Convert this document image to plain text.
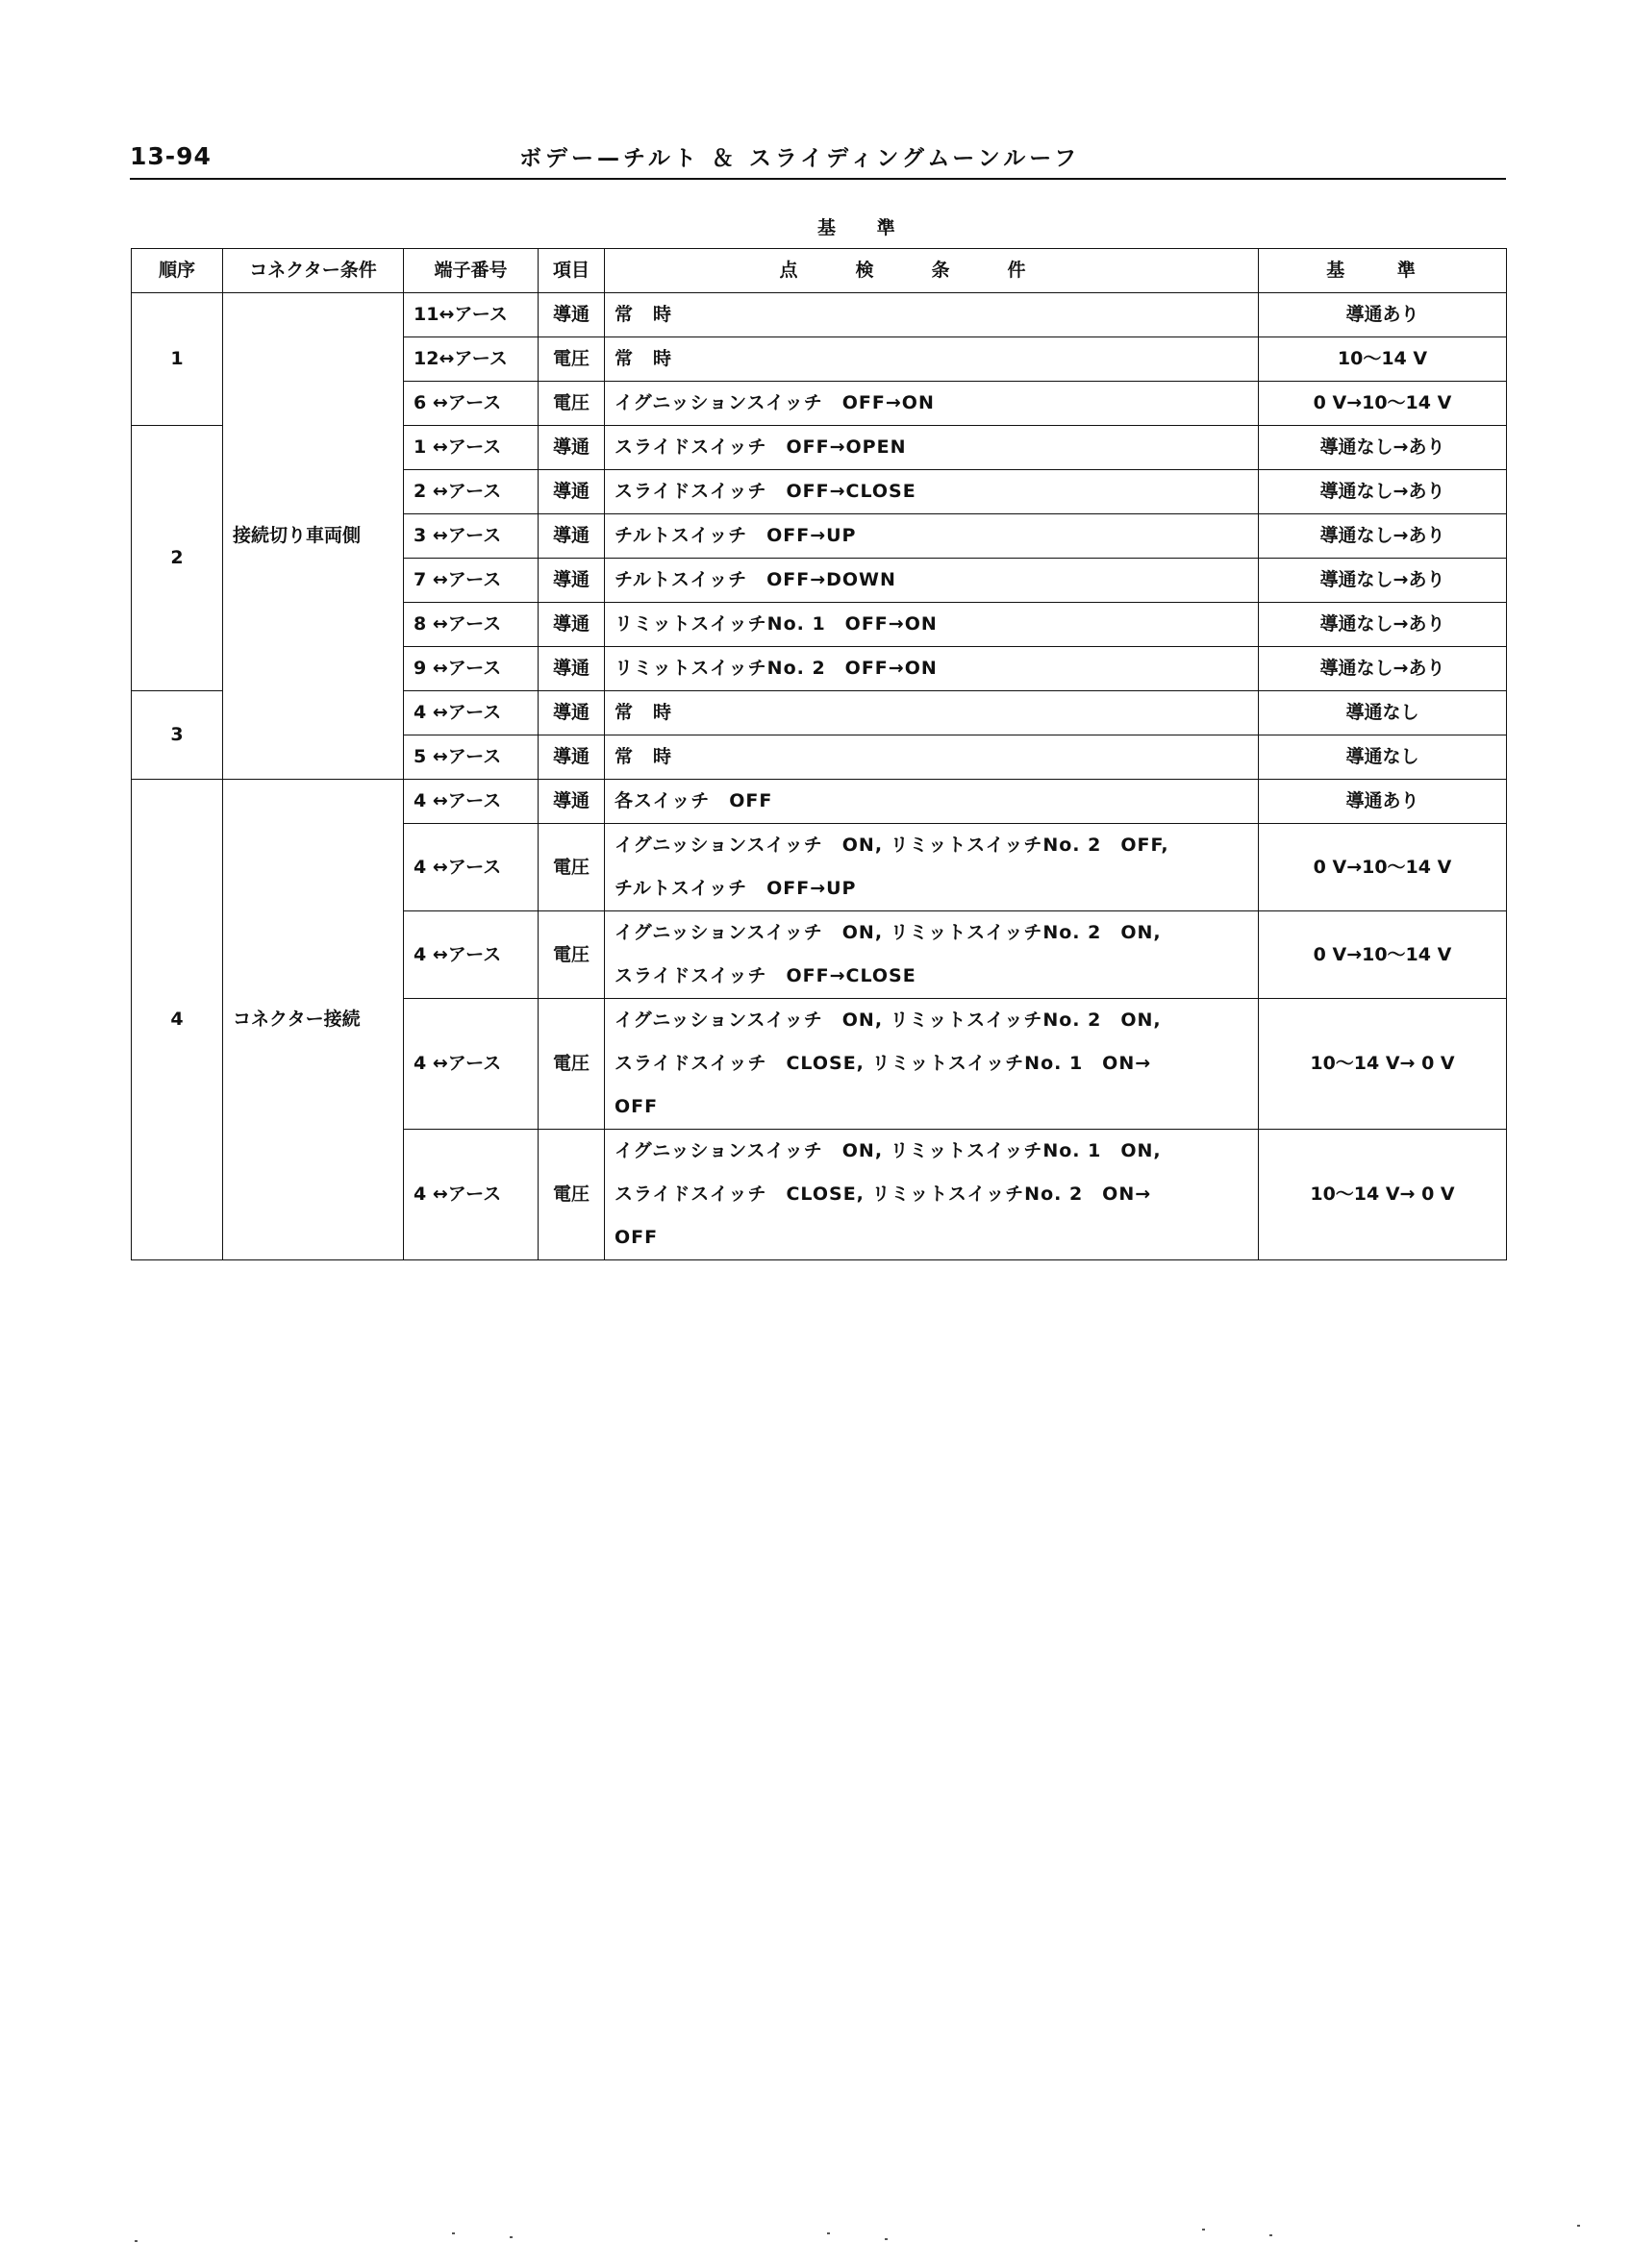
13-94	ボデー—チルト ＆ スライディングムーンルーフ
基 準
順序	コネクター条件	端子番号	項目	点検条件	基 準
1	接続切り車両側	11↔アース	導通	常　時	導通あり
		12↔アース	電圧	常　時	10～14 V
		6 ↔アース	電圧	イグニッションスイッチ　OFF→ON	0 V→10～14 V
2		1 ↔アース	導通	スライドスイッチ　OFF→OPEN	導通なし→あり
		2 ↔アース	導通	スライドスイッチ　OFF→CLOSE	導通なし→あり
		3 ↔アース	導通	チルトスイッチ　OFF→UP	導通なし→あり
		7 ↔アース	導通	チルトスイッチ　OFF→DOWN	導通なし→あり
		8 ↔アース	導通	リミットスイッチNo. 1　OFF→ON	導通なし→あり
		9 ↔アース	導通	リミットスイッチNo. 2　OFF→ON	導通なし→あり
3		4 ↔アース	導通	常　時	導通なし
		5 ↔アース	導通	常　時	導通なし
4	コネクター接続	4 ↔アース	導通	各スイッチ　OFF	導通あり
		4 ↔アース	電圧	イグニッションスイッチ　ON, リミットスイッチNo. 2　OFF,
チルトスイッチ　OFF→UP	0 V→10～14 V
		4 ↔アース	電圧	イグニッションスイッチ　ON, リミットスイッチNo. 2　ON,
スライドスイッチ　OFF→CLOSE	0 V→10～14 V
		4 ↔アース	電圧	イグニッションスイッチ　ON, リミットスイッチNo. 2　ON,
スライドスイッチ　CLOSE, リミットスイッチNo. 1　ON→
OFF	10～14 V→ 0 V
		4 ↔アース	電圧	イグニッションスイッチ　ON, リミットスイッチNo. 1　ON,
スライドスイッチ　CLOSE, リミットスイッチNo. 2　ON→
OFF	10～14 V→ 0 V
